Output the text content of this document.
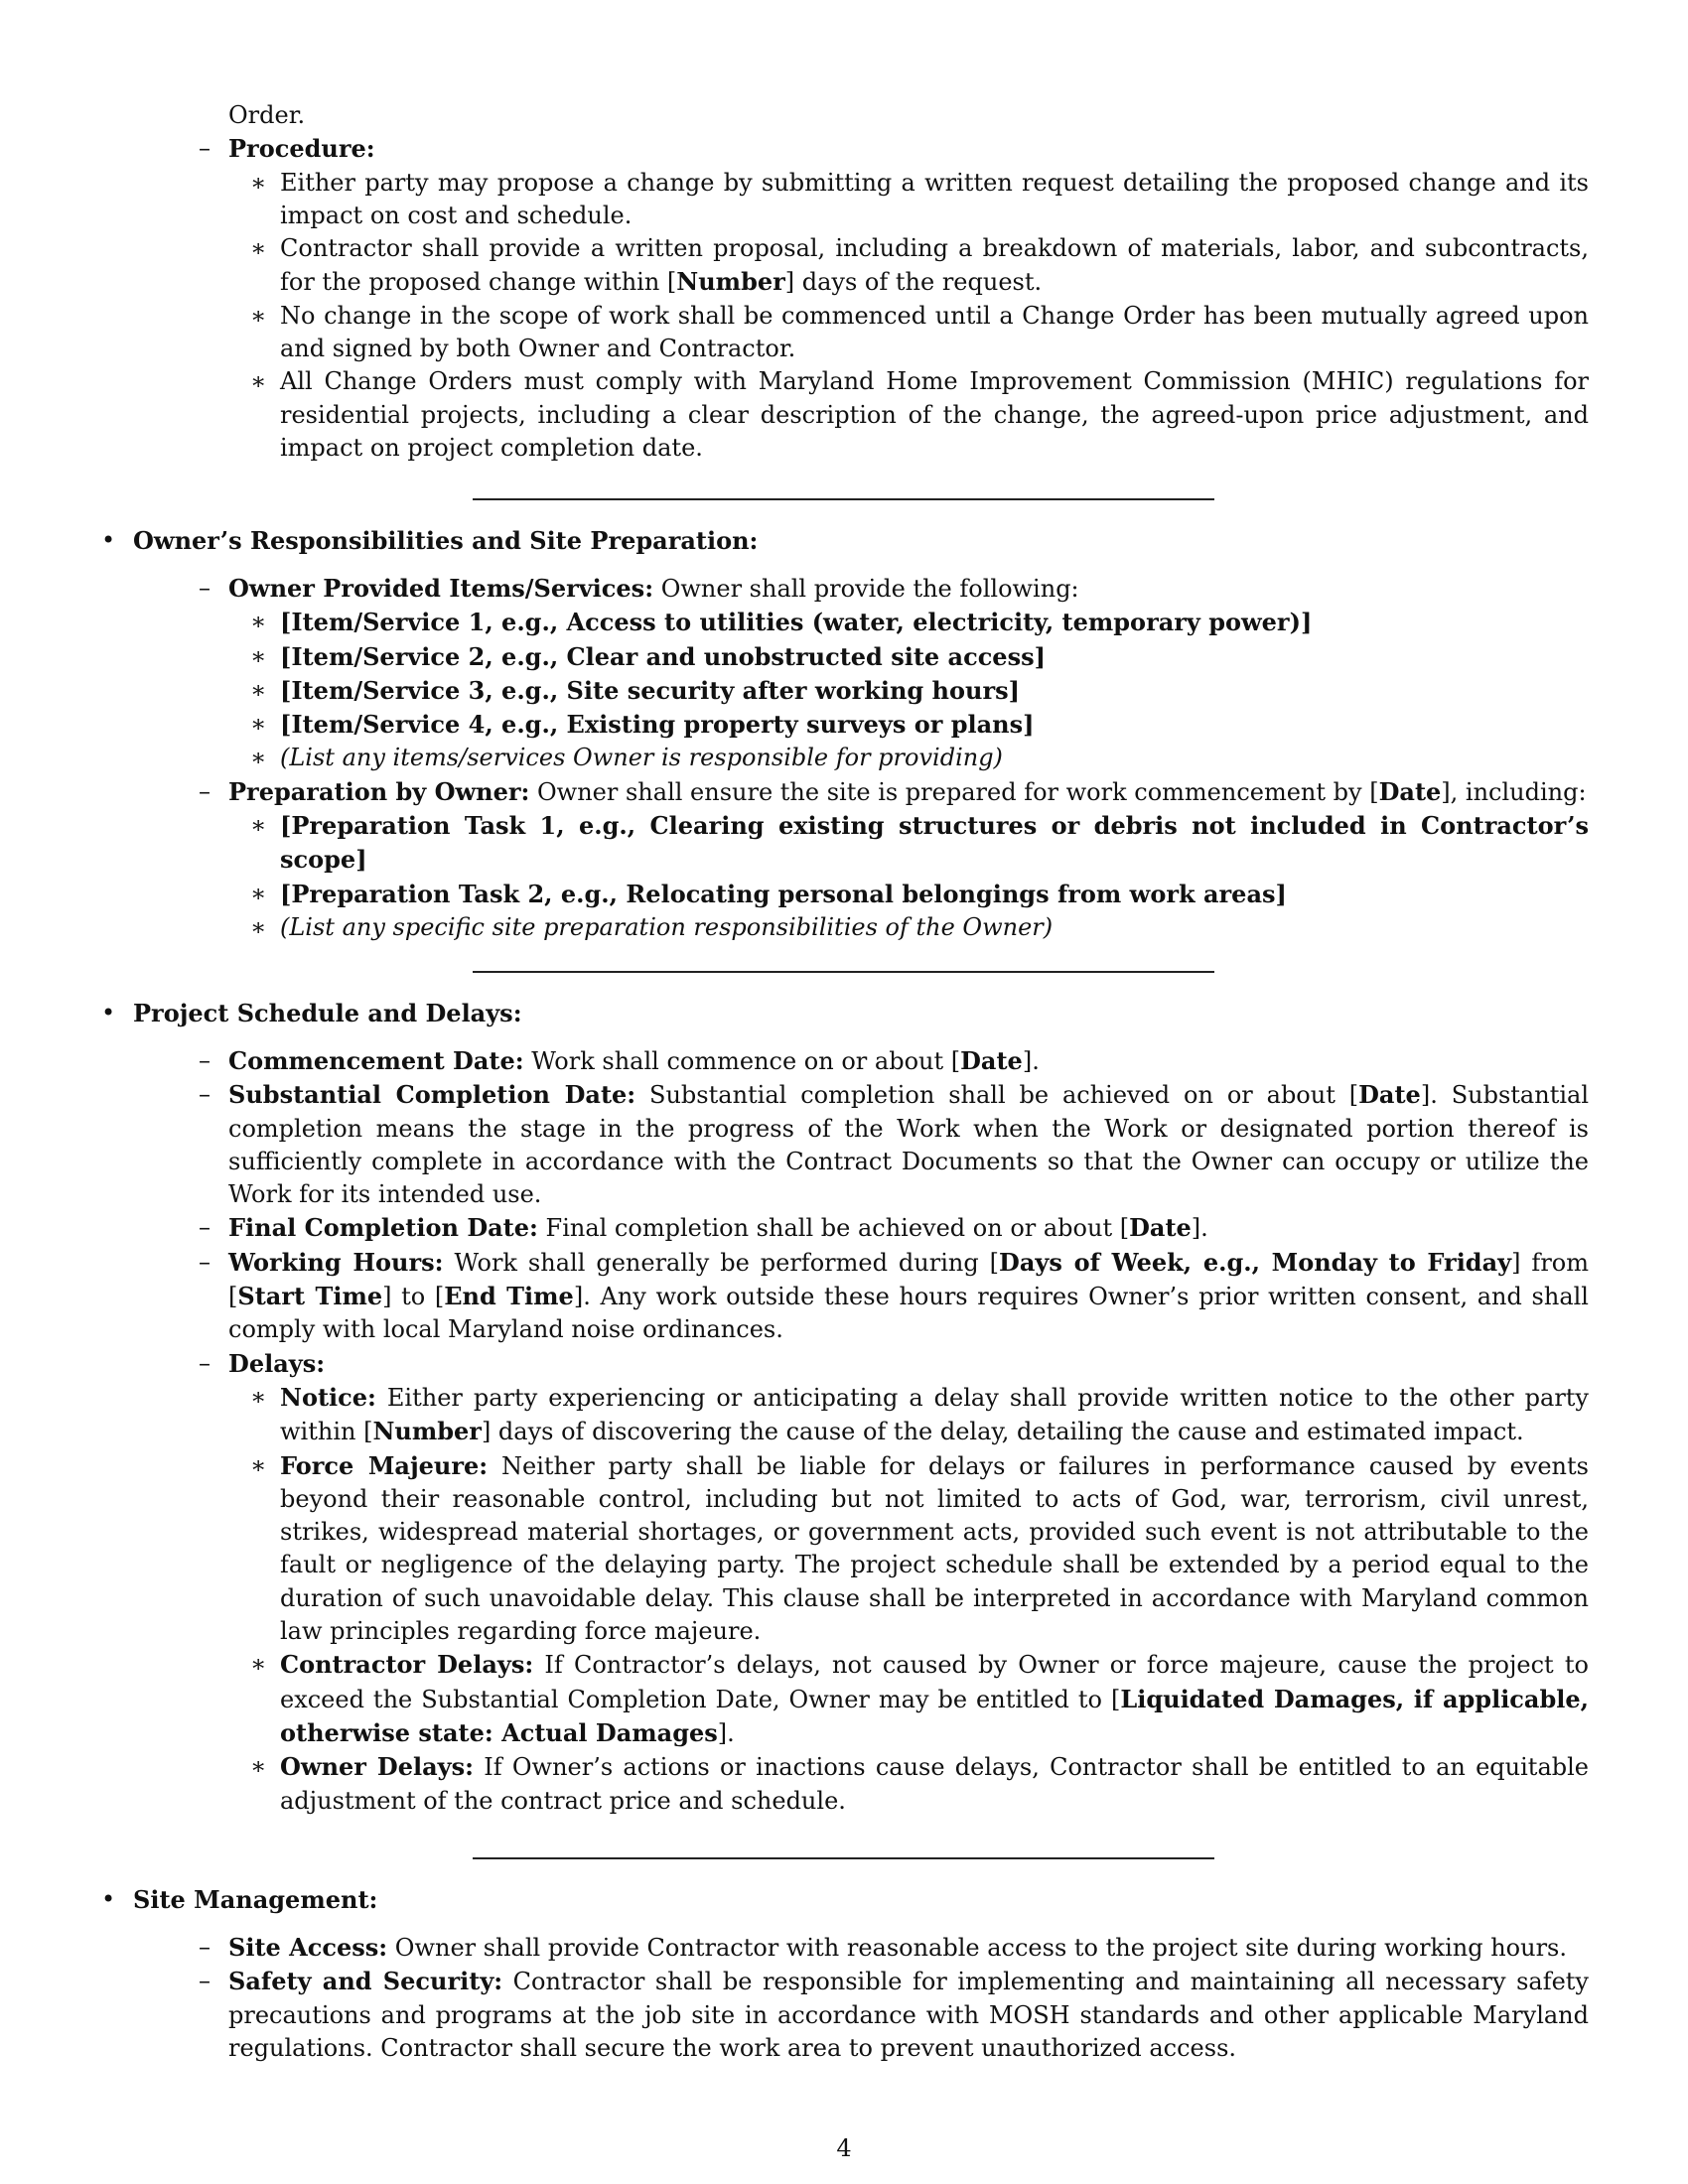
Order.
– Procedure:
∗ Either party may propose a change by submitting a written request detailing the proposed change and its impact on cost and schedule.
∗ Contractor shall provide a written proposal, including a breakdown of materials, labor, and subcontracts, for the proposed change within [Number] days of the request.
∗ No change in the scope of work shall be commenced until a Change Order has been mutually agreed upon and signed by both Owner and Contractor.
∗ All Change Orders must comply with Maryland Home Improvement Commission (MHIC) regulations for residential projects, including a clear description of the change, the agreed-upon price adjustment, and impact on project completion date.
• Owner’s Responsibilities and Site Preparation:
– Owner Provided Items/Services: Owner shall provide the following:
∗ [Item/Service 1, e.g., Access to utilities (water, electricity, temporary power)]
∗ [Item/Service 2, e.g., Clear and unobstructed site access]
∗ [Item/Service 3, e.g., Site security after working hours]
∗ [Item/Service 4, e.g., Existing property surveys or plans]
∗ (List any items/services Owner is responsible for providing)
– Preparation by Owner: Owner shall ensure the site is prepared for work commencement by [Date], including:
∗ [Preparation Task 1, e.g., Clearing existing structures or debris not included in Contractor’s scope]
∗ [Preparation Task 2, e.g., Relocating personal belongings from work areas]
∗ (List any specific site preparation responsibilities of the Owner)
• Project Schedule and Delays:
– Commencement Date: Work shall commence on or about [Date].
– Substantial Completion Date: Substantial completion shall be achieved on or about [Date]. Substantial completion means the stage in the progress of the Work when the Work or designated portion thereof is sufficiently complete in accordance with the Contract Documents so that the Owner can occupy or utilize the Work for its intended use.
– Final Completion Date: Final completion shall be achieved on or about [Date].
– Working Hours: Work shall generally be performed during [Days of Week, e.g., Monday to Friday] from [Start Time] to [End Time]. Any work outside these hours requires Owner’s prior written consent, and shall comply with local Maryland noise ordinances.
– Delays:
∗ Notice: Either party experiencing or anticipating a delay shall provide written notice to the other party within [Number] days of discovering the cause of the delay, detailing the cause and estimated impact.
∗ Force Majeure: Neither party shall be liable for delays or failures in performance caused by events beyond their reasonable control, including but not limited to acts of God, war, terrorism, civil unrest, strikes, widespread material shortages, or government acts, provided such event is not attributable to the fault or negligence of the delaying party. The project schedule shall be extended by a period equal to the duration of such unavoidable delay. This clause shall be interpreted in accordance with Maryland common law principles regarding force majeure.
∗ Contractor Delays: If Contractor’s delays, not caused by Owner or force majeure, cause the project to exceed the Substantial Completion Date, Owner may be entitled to [Liquidated Damages, if applicable, otherwise state: Actual Damages].
∗ Owner Delays: If Owner’s actions or inactions cause delays, Contractor shall be entitled to an equitable adjustment of the contract price and schedule.
• Site Management:
– Site Access: Owner shall provide Contractor with reasonable access to the project site during working hours.
– Safety and Security: Contractor shall be responsible for implementing and maintaining all necessary safety precautions and programs at the job site in accordance with MOSH standards and other applicable Maryland regulations. Contractor shall secure the work area to prevent unauthorized access.
4
